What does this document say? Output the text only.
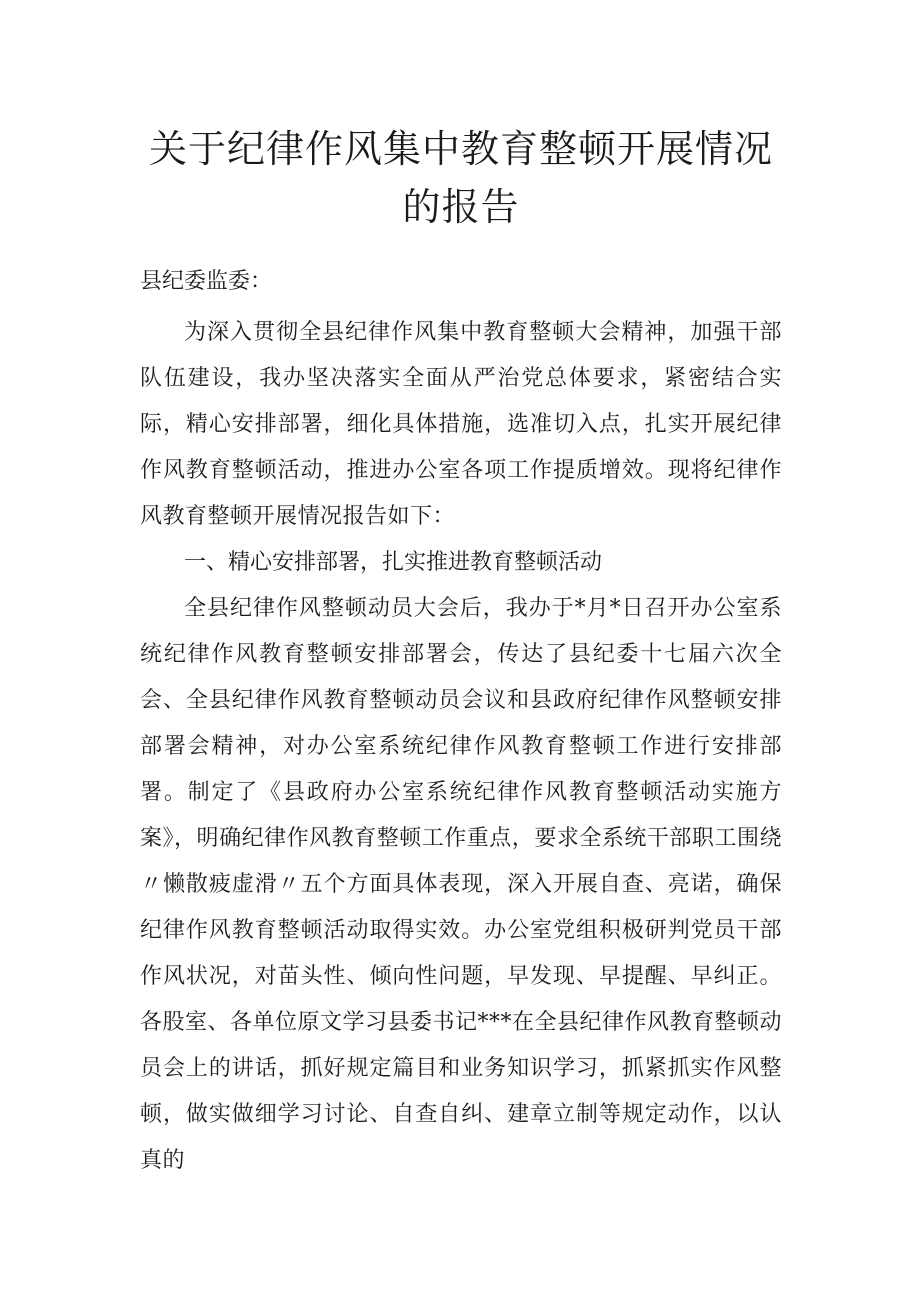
关于纪律作风集中教育整顿开展情况的报告

县纪委监委：

为深入贯彻全县纪律作风集中教育整顿大会精神，加强干部队伍建设，我办坚决落实全面从严治党总体要求，紧密结合实际，精心安排部署，细化具体措施，选准切入点，扎实开展纪律作风教育整顿活动，推进办公室各项工作提质增效。现将纪律作风教育整顿开展情况报告如下：

一、精心安排部署，扎实推进教育整顿活动

全县纪律作风整顿动员大会后，我办于*月*日召开办公室系统纪律作风教育整顿安排部署会，传达了县纪委十七届六次全会、全县纪律作风教育整顿动员会议和县政府纪律作风整顿安排部署会精神，对办公室系统纪律作风教育整顿工作进行安排部署。制定了《县政府办公室系统纪律作风教育整顿活动实施方案》，明确纪律作风教育整顿工作重点，要求全系统干部职工围绕〃懒散疲虚滑〃五个方面具体表现，深入开展自查、亮诺，确保纪律作风教育整顿活动取得实效。办公室党组积极研判党员干部作风状况，对苗头性、倾向性问题，早发现、早提醒、早纠正。各股室、各单位原文学习县委书记***在全县纪律作风教育整顿动员会上的讲话，抓好规定篇目和业务知识学习，抓紧抓实作风整顿，做实做细学习讨论、自查自纠、建章立制等规定动作，以认真的
